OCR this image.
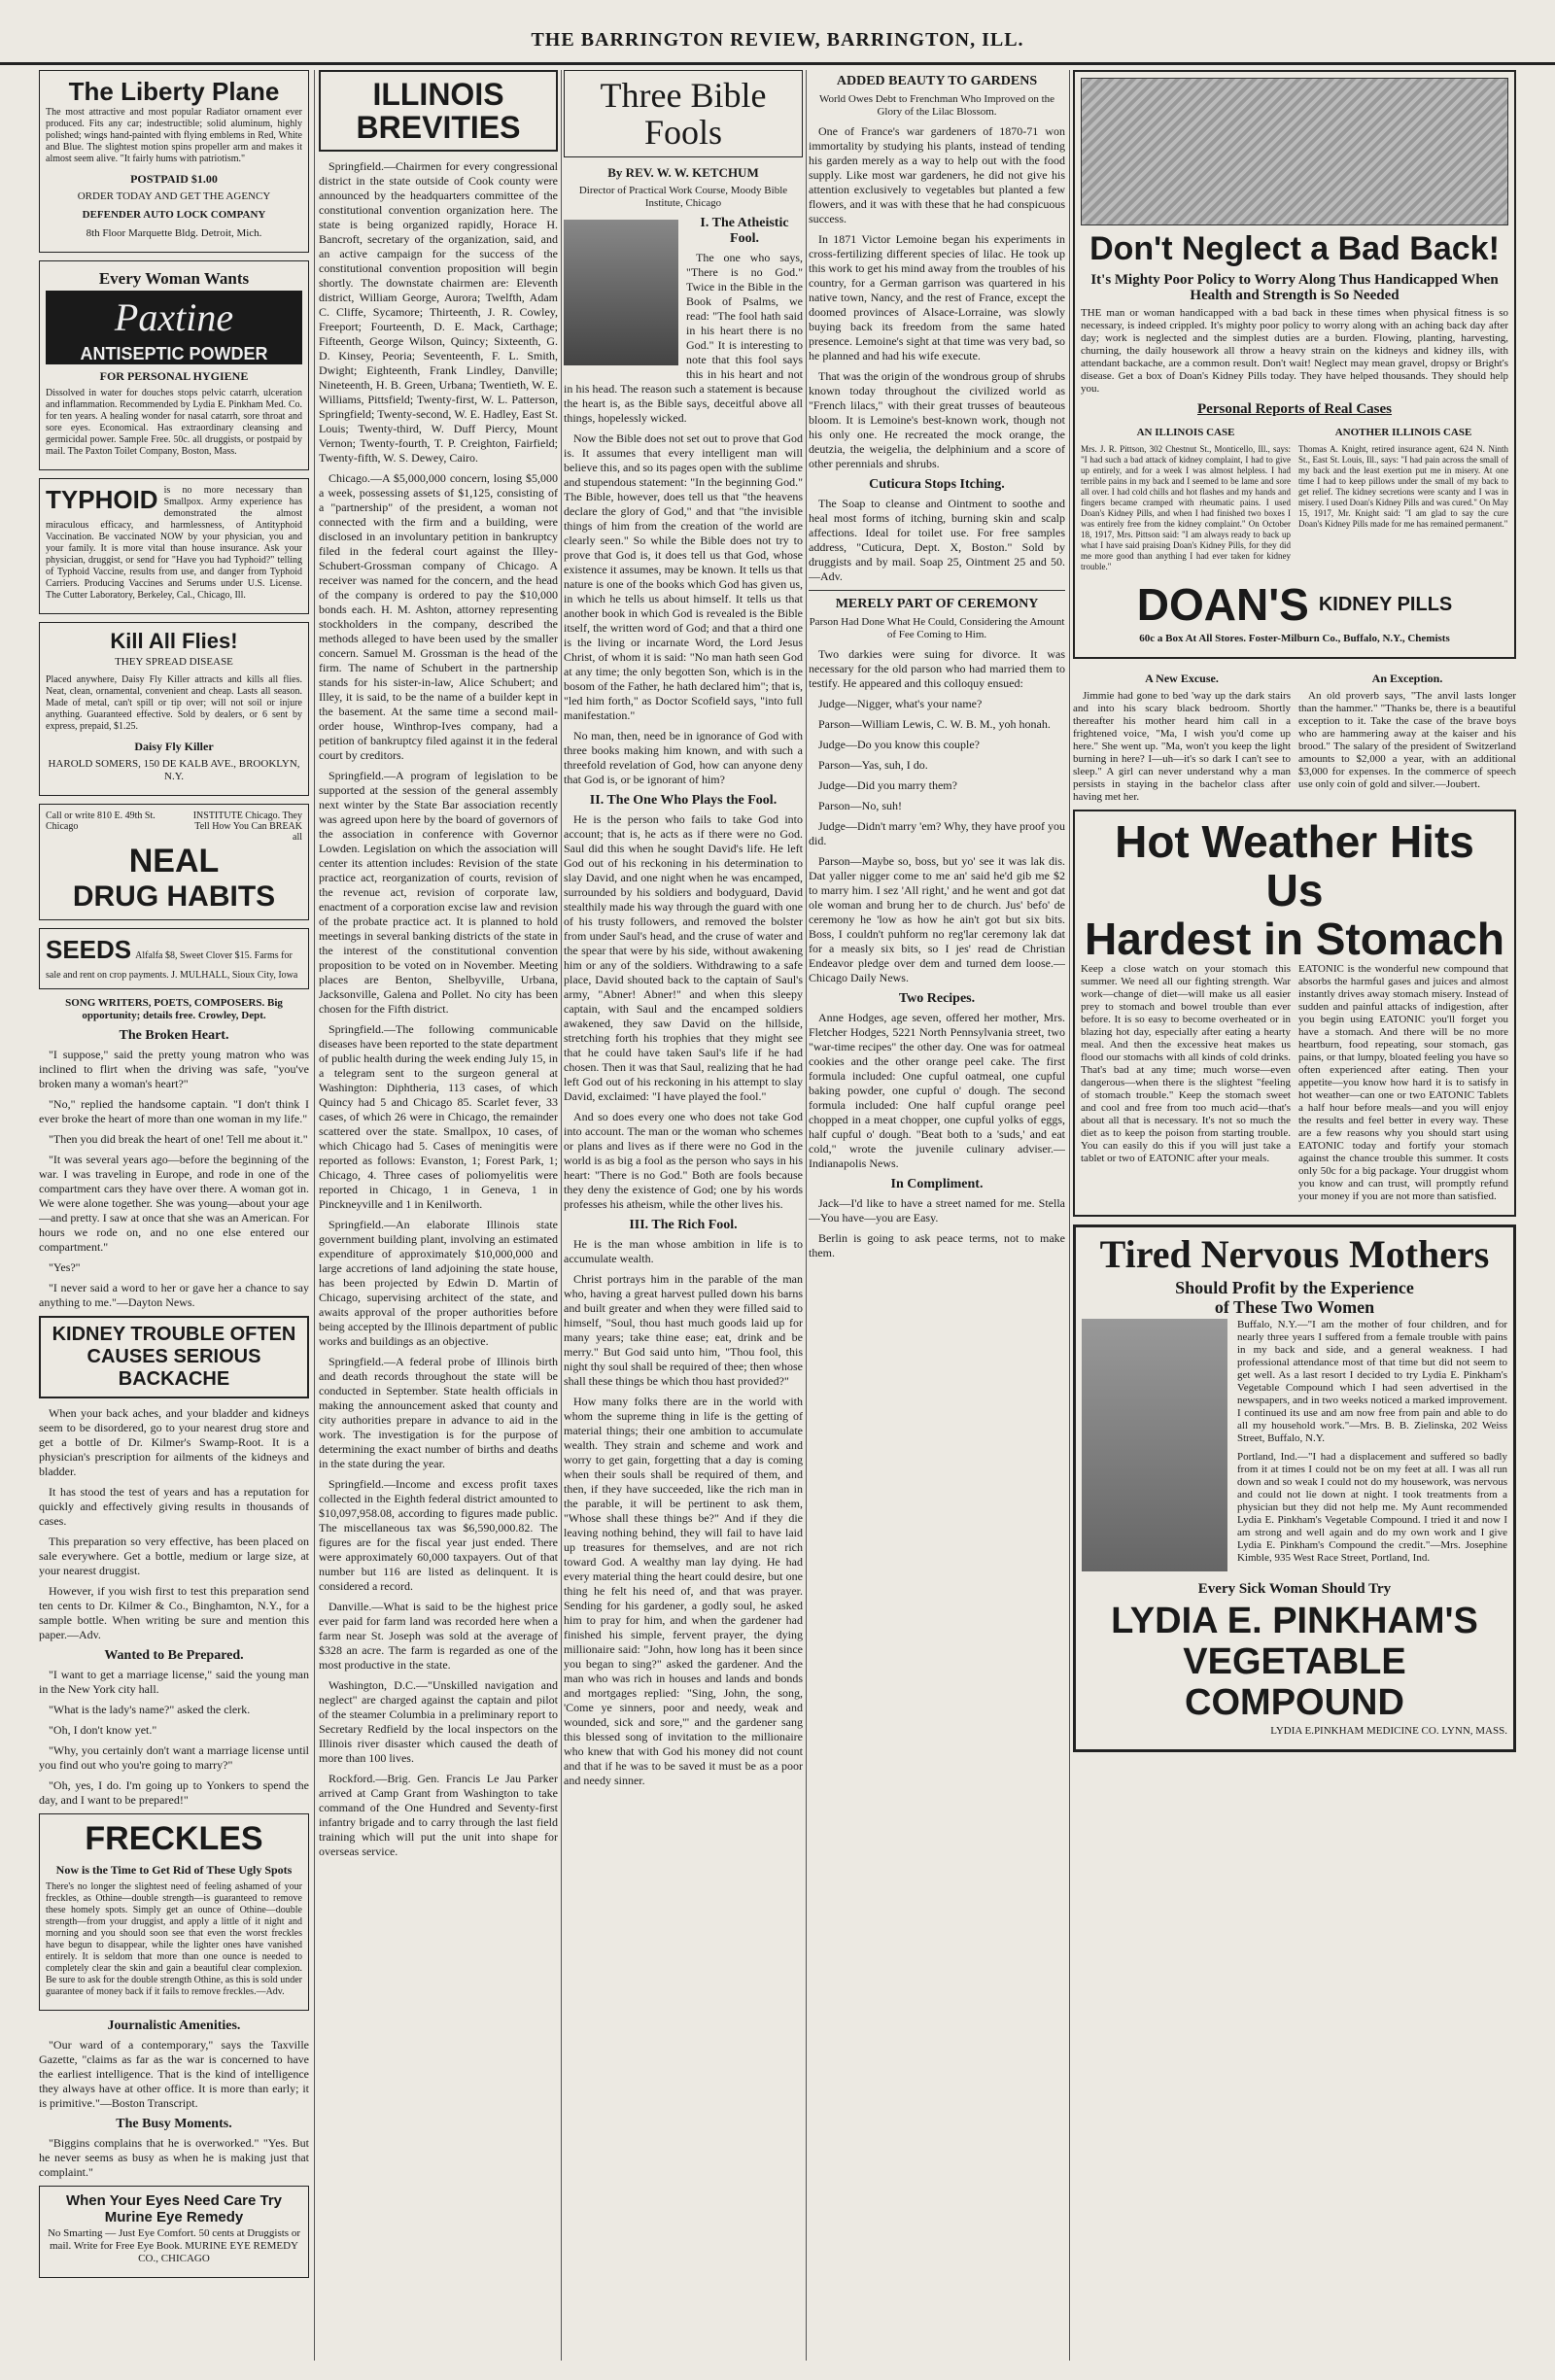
THE BARRINGTON REVIEW, BARRINGTON, ILL.
The Liberty Plane

The most attractive and most popular Radiator ornament ever produced. Fits any car; indestructible; solid aluminum, highly polished; wings hand-painted with flying emblems in Red, White and Blue. The slightest motion spins propeller arm and makes it almost seem alive. "It fairly hums with patriotism."

POSTPAID $1.00
ORDER TODAY AND GET THE AGENCY
DEFENDER AUTO LOCK COMPANY
8th Floor Marquette Bldg. Detroit, Mich.
Every Woman Wants
Paxtine
ANTISEPTIC POWDER
FOR PERSONAL HYGIENE

Dissolved in water for douches stops pelvic catarrh, ulceration and inflammation. Recommended by Lydia E. Pinkham Med. Co. for ten years. A healing wonder for nasal catarrh, sore throat and sore eyes. Economical. Has extraordinary cleansing and germicidal power. Sample Free. 50c. all druggists, or postpaid by mail. The Paxton Toilet Company, Boston, Mass.

TYPHOID is no more necessary than Smallpox. Army experience has demonstrated the almost miraculous efficacy, and harmlessness, of Antityphoid Vaccination. Be vaccinated NOW by your physician, you and your family. It is more vital than house insurance. Ask your physician, druggist, or send for "Have you had Typhoid?" telling of Typhoid Vaccine, results from use, and danger from Typhoid Carriers. Producing Vaccines and Serums under U.S. License. The Cutter Laboratory, Berkeley, Cal., Chicago, Ill.

Kill All Flies!
THEY SPREAD DISEASE

Placed anywhere, Daisy Fly Killer attracts and kills all flies. Neat, clean, ornamental, convenient and cheap. Lasts all season. Made of metal, can't spill or tip over; will not soil or injure anything. Guaranteed effective. Sold by dealers, or 6 sent by express, prepaid, $1.25.

Daisy Fly Killer
HAROLD SOMERS, 150 DE KALB AVE., BROOKLYN, N.Y.
Call or write 810 E. 49th St. Chicago
INSTITUTE Chicago. They Tell How You Can BREAK all
NEAL
DRUG HABITS
SEEDS Alfalfa $8, Sweet Clover $15. Farms for sale and rent on crop payments. J. MULHALL, Sioux City, Iowa
SONG WRITERS, POETS, COMPOSERS. Big opportunity; details free. Crowley, Dept.
The Broken Heart.

"I suppose," said the pretty young matron who was inclined to flirt when the driving was safe, "you've broken many a woman's heart?"

"No," replied the handsome captain. "I don't think I ever broke the heart of more than one woman in my life."

"Then you did break the heart of one! Tell me about it."

"It was several years ago—before the beginning of the war. I was traveling in Europe, and rode in one of the compartment cars they have over there. A woman got in. We were alone together. She was young—about your age—and pretty. I saw at once that she was an American. For hours we rode on, and no one else entered our compartment."

"Yes?"

"I never said a word to her or gave her a chance to say anything to me."—Dayton News.

KIDNEY TROUBLE OFTEN
CAUSES SERIOUS BACKACHE

When your back aches, and your bladder and kidneys seem to be disordered, go to your nearest drug store and get a bottle of Dr. Kilmer's Swamp-Root. It is a physician's prescription for ailments of the kidneys and bladder.

It has stood the test of years and has a reputation for quickly and effectively giving results in thousands of cases.

This preparation so very effective, has been placed on sale everywhere. Get a bottle, medium or large size, at your nearest druggist.

However, if you wish first to test this preparation send ten cents to Dr. Kilmer & Co., Binghamton, N.Y., for a sample bottle. When writing be sure and mention this paper.—Adv.

Wanted to Be Prepared.

"I want to get a marriage license," said the young man in the New York city hall.

"What is the lady's name?" asked the clerk.

"Oh, I don't know yet."

"Why, you certainly don't want a marriage license until you find out who you're going to marry?"

"Oh, yes, I do. I'm going up to Yonkers to spend the day, and I want to be prepared!"

FRECKLES
Now is the Time to Get Rid of These Ugly Spots

There's no longer the slightest need of feeling ashamed of your freckles, as Othine—double strength—is guaranteed to remove these homely spots. Simply get an ounce of Othine—double strength—from your druggist, and apply a little of it night and morning and you should soon see that even the worst freckles have begun to disappear, while the lighter ones have vanished entirely. It is seldom that more than one ounce is needed to completely clear the skin and gain a beautiful clear complexion. Be sure to ask for the double strength Othine, as this is sold under guarantee of money back if it fails to remove freckles.—Adv.

Journalistic Amenities.

"Our ward of a contemporary," says the Taxville Gazette, "claims as far as the war is concerned to have the earliest intelligence. That is the kind of intelligence they always have at other office. It is more than early; it is primitive."—Boston Transcript.

The Busy Moments.

"Biggins complains that he is overworked." "Yes. But he never seems as busy as when he is making just that complaint."

When Your Eyes Need Care Try Murine Eye Remedy
No Smarting — Just Eye Comfort. 50 cents at Druggists or mail. Write for Free Eye Book. MURINE EYE REMEDY CO., CHICAGO
ILLINOIS
BREVITIES

Springfield.—Chairmen for every congressional district in the state outside of Cook county were announced by the headquarters committee of the constitutional convention organization here. The state is being organized rapidly, Horace H. Bancroft, secretary of the organization, said, and an active campaign for the success of the constitutional convention proposition will begin shortly. The downstate chairmen are: Eleventh district, William George, Aurora; Twelfth, Adam C. Cliffe, Sycamore; Thirteenth, J. R. Cowley, Freeport; Fourteenth, D. E. Mack, Carthage; Fifteenth, George Wilson, Quincy; Sixteenth, G. D. Kinsey, Peoria; Seventeenth, F. L. Smith, Dwight; Eighteenth, Frank Lindley, Danville; Nineteenth, H. B. Green, Urbana; Twentieth, W. E. Williams, Pittsfield; Twenty-first, W. L. Patterson, Springfield; Twenty-second, W. E. Hadley, East St. Louis; Twenty-third, W. Duff Piercy, Mount Vernon; Twenty-fourth, T. P. Creighton, Fairfield; Twenty-fifth, W. S. Dewey, Cairo.

Chicago.—A $5,000,000 concern, losing $5,000 a week, possessing assets of $1,125, consisting of a "partnership" of the president, a woman not connected with the firm and a building, were disclosed in an involuntary petition in bankruptcy filed in the federal court against the Illey-Schubert-Grossman company of Chicago. A receiver was named for the concern, and the head of the company is ordered to pay the $10,000 bonds each. H. M. Ashton, attorney representing stockholders in the company, described the methods alleged to have been used by the smaller concern. Samuel M. Grossman is the head of the firm. The name of Schubert in the partnership stands for his sister-in-law, Alice Schubert; and Illey, it is said, to be the name of a builder kept in the basement. At the same time a second mail-order house, Winthrop-Ives company, had a petition of bankruptcy filed against it in the federal court by creditors.

Springfield.—A program of legislation to be supported at the session of the general assembly next winter by the State Bar association recently was agreed upon here by the board of governors of the association in conference with Governor Lowden. Legislation on which the association will center its attention includes: Revision of the state practice act, reorganization of courts, revision of the revenue act, revision of corporate law, enactment of a corporation excise law and revision of the probate practice act. It is planned to hold meetings in several banking districts of the state in the interest of the constitutional convention proposition to be voted on in November. Meeting places are Benton, Shelbyville, Urbana, Jacksonville, Galena and Pollet. No city has been chosen for the Fifth district.

Springfield.—The following communicable diseases have been reported to the state department of public health during the week ending July 15, in a telegram sent to the surgeon general at Washington: Diphtheria, 113 cases, of which Quincy had 5 and Chicago 85. Scarlet fever, 33 cases, of which 26 were in Chicago, the remainder scattered over the state. Smallpox, 10 cases, of which Chicago had 5. Cases of meningitis were reported as follows: Evanston, 1; Forest Park, 1; Chicago, 4. Three cases of poliomyelitis were reported in Chicago, 1 in Geneva, 1 in Pinckneyville and 1 in Kenilworth.

Springfield.—An elaborate Illinois state government building plant, involving an estimated expenditure of approximately $10,000,000 and large accretions of land adjoining the state house, has been projected by Edwin D. Martin of Chicago, supervising architect of the state, and awaits approval of the proper authorities before being accepted by the Illinois department of public works and buildings as an objective.

Springfield.—A federal probe of Illinois birth and death records throughout the state will be conducted in September. State health officials in making the announcement asked that county and city authorities prepare in advance to aid in the work. The investigation is for the purpose of determining the exact number of births and deaths in the state during the year.

Springfield.—Income and excess profit taxes collected in the Eighth federal district amounted to $10,097,958.08, according to figures made public. The miscellaneous tax was $6,590,000.82. The figures are for the fiscal year just ended. There were approximately 60,000 taxpayers. Out of that number but 116 are listed as delinquent. It is considered a record.

Danville.—What is said to be the highest price ever paid for farm land was recorded here when a farm near St. Joseph was sold at the average of $328 an acre. The farm is regarded as one of the most productive in the state.

Washington, D.C.—"Unskilled navigation and neglect" are charged against the captain and pilot of the steamer Columbia in a preliminary report to Secretary Redfield by the local inspectors on the Illinois river disaster which caused the death of more than 100 lives.

Rockford.—Brig. Gen. Francis Le Jau Parker arrived at Camp Grant from Washington to take command of the One Hundred and Seventy-first infantry brigade and to carry through the last field training which will put the unit into shape for overseas service.

Three Bible
Fools
By REV. W. W. KETCHUM
Director of Practical Work Course, Moody Bible Institute, Chicago
I. The Atheistic Fool.

The one who says, "There is no God." Twice in the Bible in the Book of Psalms, we read: "The fool hath said in his heart there is no God." It is interesting to note that this fool says this in his heart and not in his head. The reason such a statement is because the heart is, as the Bible says, deceitful above all things, hopelessly wicked.

Now the Bible does not set out to prove that God is. It assumes that every intelligent man will believe this, and so its pages open with the sublime and stupendous statement: "In the beginning God." The Bible, however, does tell us that "the heavens declare the glory of God," and that "the invisible things of him from the creation of the world are clearly seen." So while the Bible does not try to prove that God is, it does tell us that God, whose existence it assumes, may be known. It tells us that nature is one of the books which God has given us, in which he tells us about himself. It tells us that another book in which God is revealed is the Bible itself, the written word of God; and that a third one is the living or incarnate Word, the Lord Jesus Christ, of whom it is said: "No man hath seen God at any time; the only begotten Son, which is in the bosom of the Father, he hath declared him"; that is, "led him forth," as Doctor Scofield says, "into full manifestation."

No man, then, need be in ignorance of God with three books making him known, and with such a threefold revelation of God, how can anyone deny that God is, or be ignorant of him?

II. The One Who Plays the Fool.

He is the person who fails to take God into account; that is, he acts as if there were no God. Saul did this when he sought David's life. He left God out of his reckoning in his determination to slay David, and one night when he was encamped, surrounded by his soldiers and bodyguard, David stealthily made his way through the guard with one of his trusty followers, and removed the bolster from under Saul's head, and the cruse of water and the spear that were by his side, without awakening him or any of the soldiers. Withdrawing to a safe place, David shouted back to the captain of Saul's army, "Abner! Abner!" and when this sleepy captain, with Saul and the encamped soldiers awakened, they saw David on the hillside, stretching forth his trophies that they might see that he could have taken Saul's life if he had chosen. Then it was that Saul, realizing that he had left God out of his reckoning in his attempt to slay David, exclaimed: "I have played the fool."

And so does every one who does not take God into account. The man or the woman who schemes or plans and lives as if there were no God in the world is as big a fool as the person who says in his heart: "There is no God." Both are fools because they deny the existence of God; one by his words professes his atheism, while the other lives his.

III. The Rich Fool.

He is the man whose ambition in life is to accumulate wealth.

Christ portrays him in the parable of the man who, having a great harvest pulled down his barns and built greater and when they were filled said to himself, "Soul, thou hast much goods laid up for many years; take thine ease; eat, drink and be merry." But God said unto him, "Thou fool, this night thy soul shall be required of thee; then whose shall these things be which thou hast provided?"

How many folks there are in the world with whom the supreme thing in life is the getting of material things; their one ambition to accumulate wealth. They strain and scheme and work and worry to get gain, forgetting that a day is coming when their souls shall be required of them, and then, if they have succeeded, like the rich man in the parable, it will be pertinent to ask them, "Whose shall these things be?" And if they die leaving nothing behind, they will fail to have laid up treasures for themselves, and are not rich toward God. A wealthy man lay dying. He had every material thing the heart could desire, but one thing he felt his need of, and that was prayer. Sending for his gardener, a godly soul, he asked him to pray for him, and when the gardener had finished his simple, fervent prayer, the dying millionaire said: "John, how long has it been since you began to sing?" asked the gardener. And the man who was rich in houses and lands and bonds and mortgages replied: "Sing, John, the song, 'Come ye sinners, poor and needy, weak and wounded, sick and sore,'" and the gardener sang this blessed song of invitation to the millionaire who knew that with God his money did not count and that if he was to be saved it must be as a poor and needy sinner.

ADDED BEAUTY TO GARDENS
World Owes Debt to Frenchman Who Improved on the Glory of the Lilac Blossom.

One of France's war gardeners of 1870-71 won immortality by studying his plants, instead of tending his garden merely as a way to help out with the food supply. Like most war gardeners, he did not give his attention exclusively to vegetables but planted a few flowers, and it was with these that he had conspicuous success.

In 1871 Victor Lemoine began his experiments in cross-fertilizing different species of lilac. He took up this work to get his mind away from the troubles of his country, for a German garrison was quartered in his native town, Nancy, and the rest of France, except the doomed provinces of Alsace-Lorraine, was slowly buying back its freedom from the same hated presence. Lemoine's sight at that time was very bad, so he planned and had his wife execute.

That was the origin of the wondrous group of shrubs known today throughout the civilized world as "French lilacs," with their great trusses of beauteous bloom. It is Lemoine's best-known work, though not his only one. He recreated the mock orange, the deutzia, the weigelia, the delphinium and a score of other perennials and shrubs.

Cuticura Stops Itching.

The Soap to cleanse and Ointment to soothe and heal most forms of itching, burning skin and scalp affections. Ideal for toilet use. For free samples address, "Cuticura, Dept. X, Boston." Sold by druggists and by mail. Soap 25, Ointment 25 and 50.—Adv.

MERELY PART OF CEREMONY
Parson Had Done What He Could, Considering the Amount of Fee Coming to Him.

Two darkies were suing for divorce. It was necessary for the old parson who had married them to testify. He appeared and this colloquy ensued:

Judge—Nigger, what's your name?

Parson—William Lewis, C. W. B. M., yoh honah.

Judge—Do you know this couple?

Parson—Yas, suh, I do.

Judge—Did you marry them?

Parson—No, suh!

Judge—Didn't marry 'em? Why, they have proof you did.

Parson—Maybe so, boss, but yo' see it was lak dis. Dat yaller nigger come to me an' said he'd gib me $2 to marry him. I sez 'All right,' and he went and got dat ole woman and brung her to de church. Jus' befo' de ceremony he 'low as how he ain't got but six bits. Boss, I couldn't puhform no reg'lar ceremony lak dat for a measly six bits, so I jes' read de Christian Endeavor pledge over dem and turned dem loose.—Chicago Daily News.

Two Recipes.

Anne Hodges, age seven, offered her mother, Mrs. Fletcher Hodges, 5221 North Pennsylvania street, two "war-time recipes" the other day. One was for oatmeal cookies and the other orange peel cake. The first formula included: One cupful oatmeal, one cupful baking powder, one cupful o' dough. The second formula included: One half cupful orange peel chopped in a meat chopper, one cupful yolks of eggs, half cupful o' dough. "Beat both to a 'suds,' and eat cold," wrote the juvenile culinary adviser.—Indianapolis News.

In Compliment.

Jack—I'd like to have a street named for me. Stella—You have—you are Easy.

Berlin is going to ask peace terms, not to make them.

Don't Neglect a Bad Back!
It's Mighty Poor Policy to Worry Along Thus Handicapped When Health and Strength is So Needed

THE man or woman handicapped with a bad back in these times when physical fitness is so necessary, is indeed crippled. It's mighty poor policy to worry along with an aching back day after day; work is neglected and the simplest duties are a burden. Flowing, planting, harvesting, churning, the daily housework all throw a heavy strain on the kidneys and kidney ills, with attendant backache, are a common result. Don't wait! Neglect may mean gravel, dropsy or Bright's disease. Get a box of Doan's Kidney Pills today. They have helped thousands. They should help you.

Personal Reports of Real Cases
AN ILLINOIS CASE

Mrs. J. R. Pittson, 302 Chestnut St., Monticello, Ill., says: "I had such a bad attack of kidney complaint, I had to give up entirely, and for a week I was almost helpless. I had terrible pains in my back and I seemed to be lame and sore all over. I had cold chills and hot flashes and my hands and fingers became cramped with rheumatic pains. I used Doan's Kidney Pills, and when I had finished two boxes I was entirely free from the kidney complaint." On October 18, 1917, Mrs. Pittson said: "I am always ready to back up what I have said praising Doan's Kidney Pills, for they did me more good than anything I had ever taken for kidney trouble."

ANOTHER ILLINOIS CASE

Thomas A. Knight, retired insurance agent, 624 N. Ninth St., East St. Louis, Ill., says: "I had pain across the small of my back and the least exertion put me in misery. At one time I had to keep pillows under the small of my back to get relief. The kidney secretions were scanty and I was in misery. I used Doan's Kidney Pills and was cured." On May 15, 1917, Mr. Knight said: "I am glad to say the cure Doan's Kidney Pills made for me has remained permanent."

DOAN'S KIDNEY PILLS
60c a Box At All Stores. Foster-Milburn Co., Buffalo, N.Y., Chemists
A New Excuse.

Jimmie had gone to bed 'way up the dark stairs and into his scary black bedroom. Shortly thereafter his mother heard him call in a frightened voice, "Ma, I wish you'd come up here." She went up. "Ma, won't you keep the light burning in here? I—uh—it's so dark I can't see to sleep." A girl can never understand why a man persists in staying in the bachelor class after having met her.

An Exception.

An old proverb says, "The anvil lasts longer than the hammer." "Thanks be, there is a beautiful exception to it. Take the case of the brave boys who are hammering away at the kaiser and his brood." The salary of the president of Switzerland amounts to $2,000 a year, with an additional $3,000 for expenses. In the commerce of speech use only coin of gold and silver.—Joubert.

Hot Weather Hits Us
Hardest in Stomach

Keep a close watch on your stomach this summer. We need all our fighting strength. War work—change of diet—will make us all easier prey to stomach and bowel trouble than ever before. It is so easy to become overheated or in blazing hot day, especially after eating a hearty meal. And then the excessive heat makes us flood our stomachs with all kinds of cold drinks. That's bad at any time; much worse—even dangerous—when there is the slightest "feeling of stomach trouble." Keep the stomach sweet and cool and free from too much acid—that's about all that is necessary. It's not so much the diet as to keep the poison from starting trouble. You can easily do this if you will just take a tablet or two of EATONIC after your meals.

EATONIC is the wonderful new compound that absorbs the harmful gases and juices and almost instantly drives away stomach misery. Instead of sudden and painful attacks of indigestion, after you begin using EATONIC you'll forget you have a stomach. And there will be no more heartburn, food repeating, sour stomach, gas pains, or that lumpy, bloated feeling you have so often experienced after eating. Then your appetite—you know how hard it is to satisfy in hot weather—can one or two EATONIC Tablets a half hour before meals—and you will enjoy the results and feel better in every way. These are a few reasons why you should start using EATONIC today and fortify your stomach against the chance trouble this summer. It costs only 50c for a big package. Your druggist whom you know and can trust, will promptly refund your money if you are not more than satisfied.

Tired Nervous Mothers
Should Profit by the Experience
of These Two Women

Buffalo, N.Y.—"I am the mother of four children, and for nearly three years I suffered from a female trouble with pains in my back and side, and a general weakness. I had professional attendance most of that time but did not seem to get well. As a last resort I decided to try Lydia E. Pinkham's Vegetable Compound which I had seen advertised in the newspapers, and in two weeks noticed a marked improvement. I continued its use and am now free from pain and able to do all my household work."—Mrs. B. B. Zielinska, 202 Weiss Street, Buffalo, N.Y.

Portland, Ind.—"I had a displacement and suffered so badly from it at times I could not be on my feet at all. I was all run down and so weak I could not do my housework, was nervous and could not lie down at night. I took treatments from a physician but they did not help me. My Aunt recommended Lydia E. Pinkham's Vegetable Compound. I tried it and now I am strong and well again and do my own work and I give Lydia E. Pinkham's Compound the credit."—Mrs. Josephine Kimble, 935 West Race Street, Portland, Ind.

Every Sick Woman Should Try
LYDIA E. PINKHAM'S
VEGETABLE COMPOUND
LYDIA E.PINKHAM MEDICINE CO. LYNN, MASS.
